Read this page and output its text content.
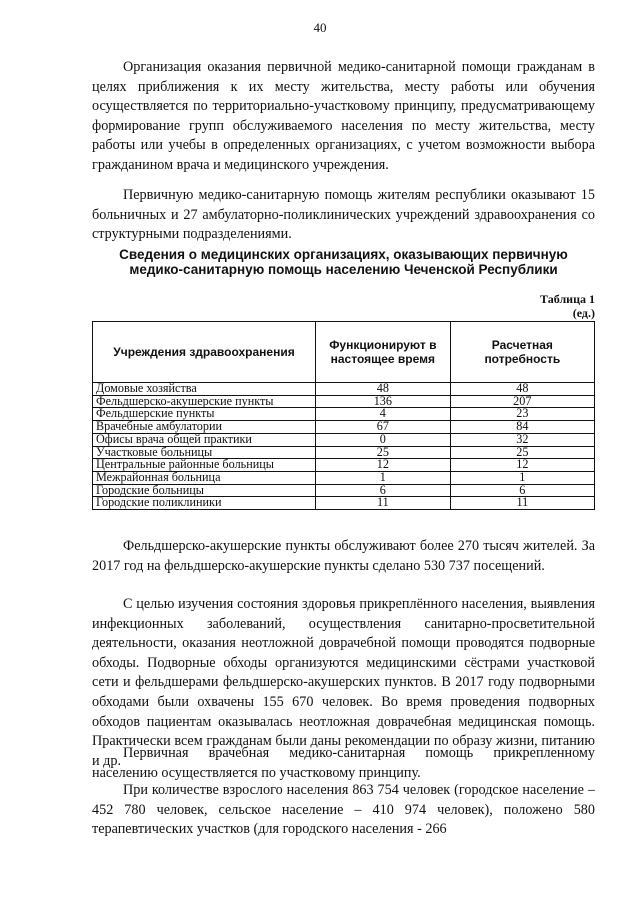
40

Организация оказания первичной медико-санитарной помощи гражданам в целях приближения к их месту жительства, месту работы или обучения осуществляется по территориально-участковому принципу, предусматривающему формирование групп обслуживаемого населения по месту жительства, месту работы или учебы в определенных организациях, с учетом возможности выбора гражданином врача и медицинского учреждения.

Первичную медико-санитарную помощь жителям республики оказывают 15 больничных и 27 амбулаторно-поликлинических учреждений здравоохранения со структурными подразделениями.

Сведения о медицинских организациях, оказывающих первичную медико-санитарную помощь населению Чеченской Республики
Таблица 1
(ед.)
Учреждения здравоохранения	Функционируют в настоящее время	Расчетная потребность
Домовые хозяйства	48	48
Фельдшерско-акушерские пункты	136	207
Фельдшерские пункты	4	23
Врачебные амбулатории	67	84
Офисы врача общей практики	0	32
Участковые больницы	25	25
Центральные районные больницы	12	12
Межрайонная больница	1	1
Городские больницы	6	6
Городские поликлиники	11	11

Фельдшерско-акушерские пункты обслуживают более 270 тысяч жителей. За 2017 год на фельдшерско-акушерские пункты сделано 530 737 посещений.

С целью изучения состояния здоровья прикреплённого населения, выявления инфекционных заболеваний, осуществления санитарно-просветительной деятельности, оказания неотложной доврачебной помощи проводятся подворные обходы. Подворные обходы организуются медицинскими сёстрами участковой сети и фельдшерами фельдшерско-акушерских пунктов. В 2017 году подворными обходами были охвачены 155 670 человек. Во время проведения подворных обходов пациентам оказывалась неотложная доврачебная медицинская помощь. Практически всем гражданам были даны рекомендации по образу жизни, питанию и др. Первичная врачебная медико-санитарная помощь прикрепленному населению осуществляется по участковому принципу.

При количестве взрослого населения 863 754 человек (городское население – 452 780 человек, сельское население – 410 974 человек), положено 580 терапевтических участков (для городского населения - 266
